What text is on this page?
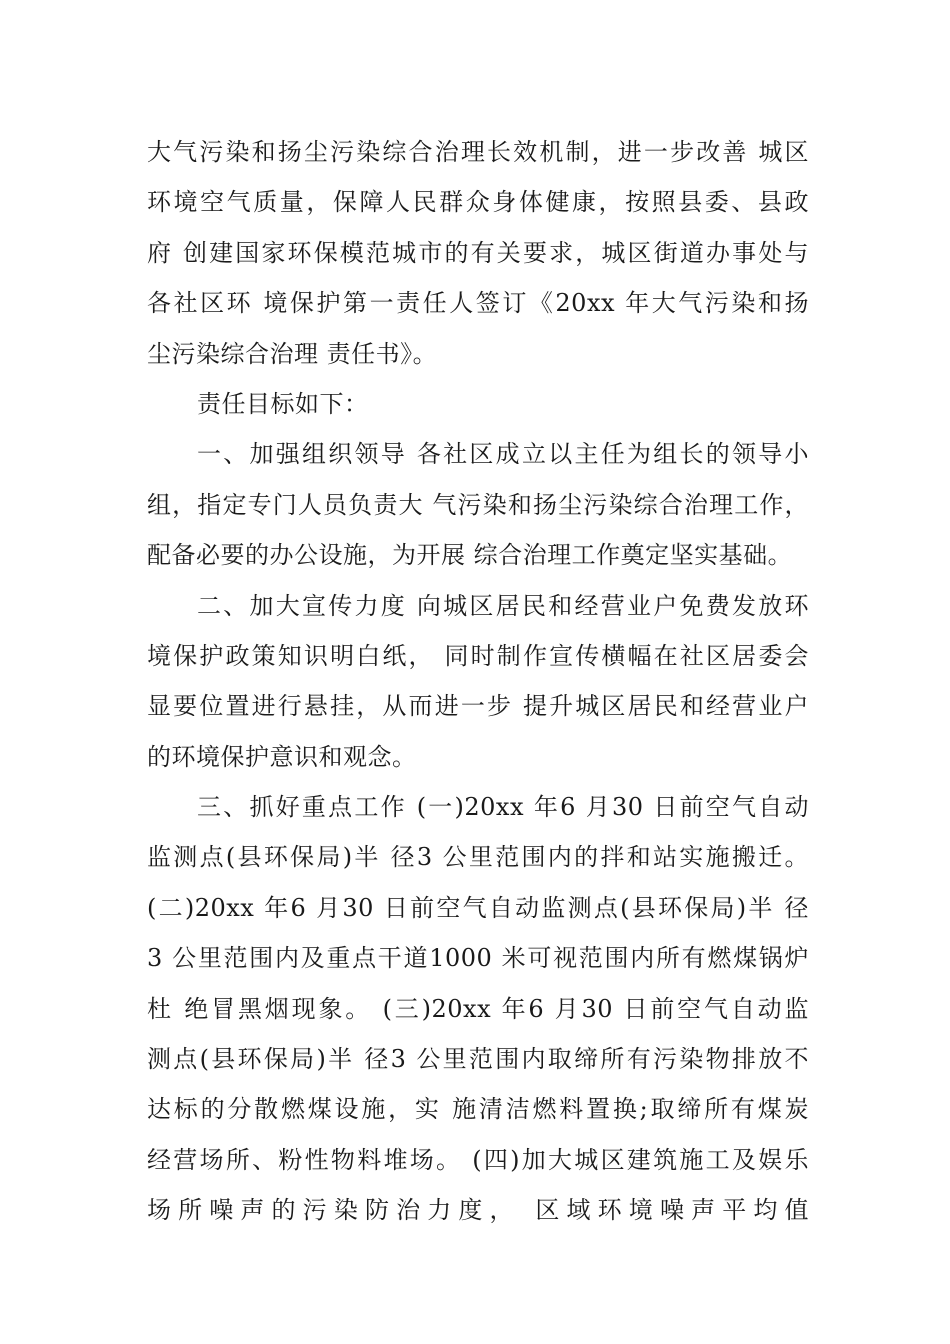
大气污染和扬尘污染综合治理长效机制，进一步改善 城区
环境空气质量，保障人民群众身体健康，按照县委、县政
府 创建国家环保模范城市的有关要求，城区街道办事处与
各社区环 境保护第一责任人签订《20xx 年大气污染和扬
尘污染综合治理 责任书》。
责任目标如下：
一、加强组织领导 各社区成立以主任为组长的领导小
组，指定专门人员负责大 气污染和扬尘污染综合治理工作，
配备必要的办公设施，为开展 综合治理工作奠定坚实基础。
二、加大宣传力度 向城区居民和经营业户免费发放环
境保护政策知识明白纸， 同时制作宣传横幅在社区居委会
显要位置进行悬挂，从而进一步 提升城区居民和经营业户
的环境保护意识和观念。
三、抓好重点工作 (一)20xx 年6 月30 日前空气自动
监测点(县环保局)半 径3 公里范围内的拌和站实施搬迁。
(二)20xx 年6 月30 日前空气自动监测点(县环保局)半 径
3 公里范围内及重点干道1000 米可视范围内所有燃煤锅炉
杜 绝冒黑烟现象。 (三)20xx 年6 月30 日前空气自动监
测点(县环保局)半 径3 公里范围内取缔所有污染物排放不
达标的分散燃煤设施，实 施清洁燃料置换;取缔所有煤炭
经营场所、粉性物料堆场。 (四)加大城区建筑施工及娱乐
场所噪声的污染防治力度， 区域环境噪声平均值
